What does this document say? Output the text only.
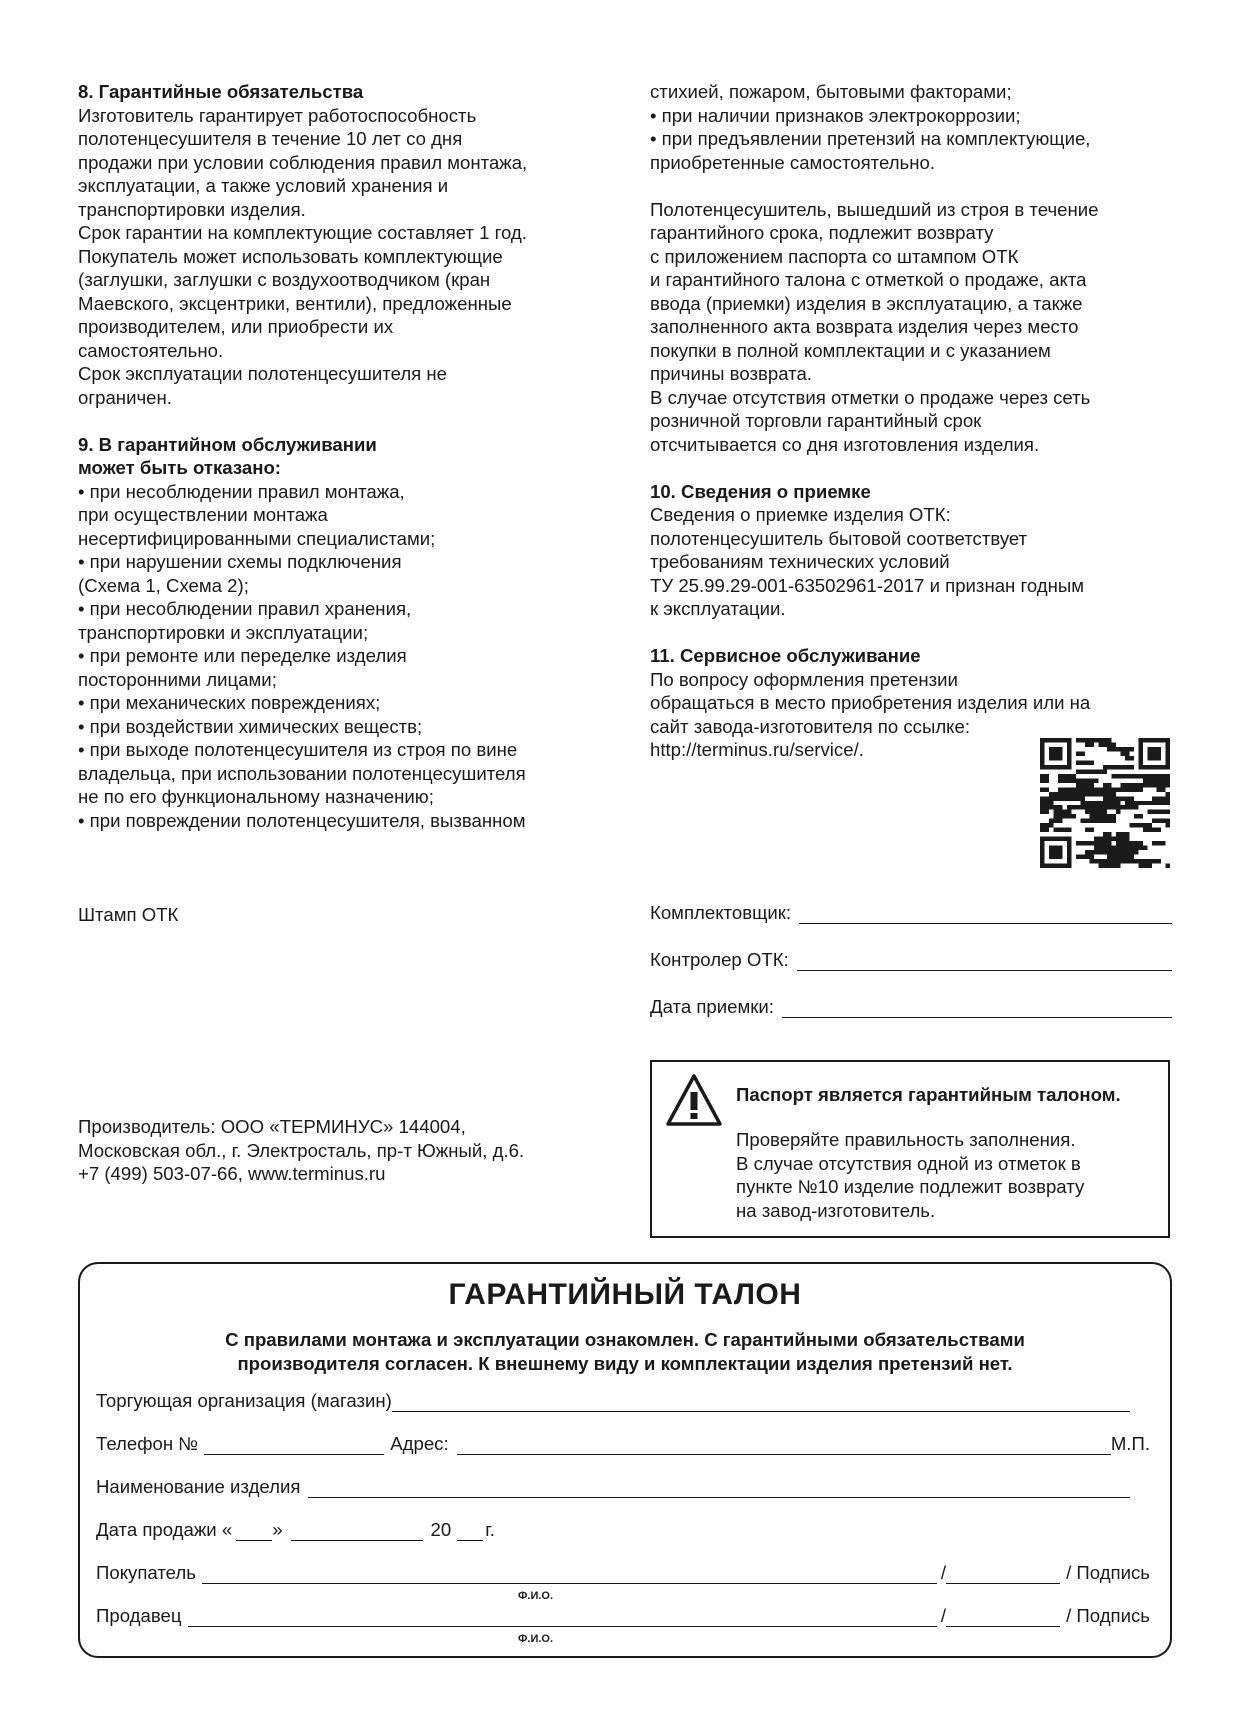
8. Гарантийные обязательства

Изготовитель гарантирует работоспособность
полотенцесушителя в течение 10 лет со дня
продажи при условии соблюдения правил монтажа,
эксплуатации, а также условий хранения и
транспортировки изделия.
Срок гарантии на комплектующие составляет 1 год.
Покупатель может использовать комплектующие
(заглушки, заглушки с воздухоотводчиком (кран
Маевского, эксцентрики, вентили), предложенные
производителем, или приобрести их
самостоятельно.
Срок эксплуатации полотенцесушителя не
ограничен.

9. В гарантийном обслуживании

может быть отказано:

• при несоблюдении правил монтажа,
при осуществлении монтажа
несертифицированными специалистами;
• при нарушении схемы подключения
(Схема 1, Схема 2);
• при несоблюдении правил хранения,
транспортировки и эксплуатации;
• при ремонте или переделке изделия
посторонними лицами;
• при механических повреждениях;
• при воздействии химических веществ;
• при выходе полотенцесушителя из строя по вине
владельца, при использовании полотенцесушителя
не по его функциональному назначению;
• при повреждении полотенцесушителя, вызванном
стихией, пожаром, бытовыми факторами;
• при наличии признаков электрокоррозии;
• при предъявлении претензий на комплектующие,
приобретенные самостоятельно.
Полотенцесушитель, вышедший из строя в течение
гарантийного срока, подлежит возврату
с приложением паспорта со штампом ОТК
и гарантийного талона с отметкой о продаже, акта
ввода (приемки) изделия в эксплуатацию, а также
заполненного акта возврата изделия через место
покупки в полной комплектации и с указанием
причины возврата.
В случае отсутствия отметки о продаже через сеть
розничной торговли гарантийный срок
отсчитывается со дня изготовления изделия.

10. Сведения о приемке

Сведения о приемке изделия ОТК:
полотенцесушитель бытовой соответствует
требованиям технических условий
ТУ 25.99.29-001-63502961-2017 и признан годным
к эксплуатации.

11. Сервисное обслуживание

По вопросу оформления претензии
обращаться в место приобретения изделия или на
сайт завода-изготовителя по ссылке:
http://terminus.ru/service/.
Штамп ОТК	Комплектовщик:
Контролер ОТК:
Дата приемки:
Производитель: ООО «ТЕРМИНУС» 144004,
Московская обл., г. Электросталь, пр-т Южный, д.6.
+7 (499) 503-07-66, www.terminus.ru
Паспорт является гарантийным талоном.
Проверяйте правильность заполнения.
В случае отсутствия одной из отметок в
пункте №10 изделие подлежит возврату
на завод-изготовитель.
ГАРАНТИЙНЫЙ ТАЛОН
С правилами монтажа и эксплуатации ознакомлен. С гарантийными обязательствами
производителя согласен. К внешнему виду и комплектации изделия претензий нет.
Торгующая организация (магазин)
Телефон №	Адрес:	М.П.
Наименование изделия
Дата продажи « »	20 г.
Покупатель	/	/ Подпись
Ф.И.О.
Продавец	/	/ Подпись
Ф.И.О.
